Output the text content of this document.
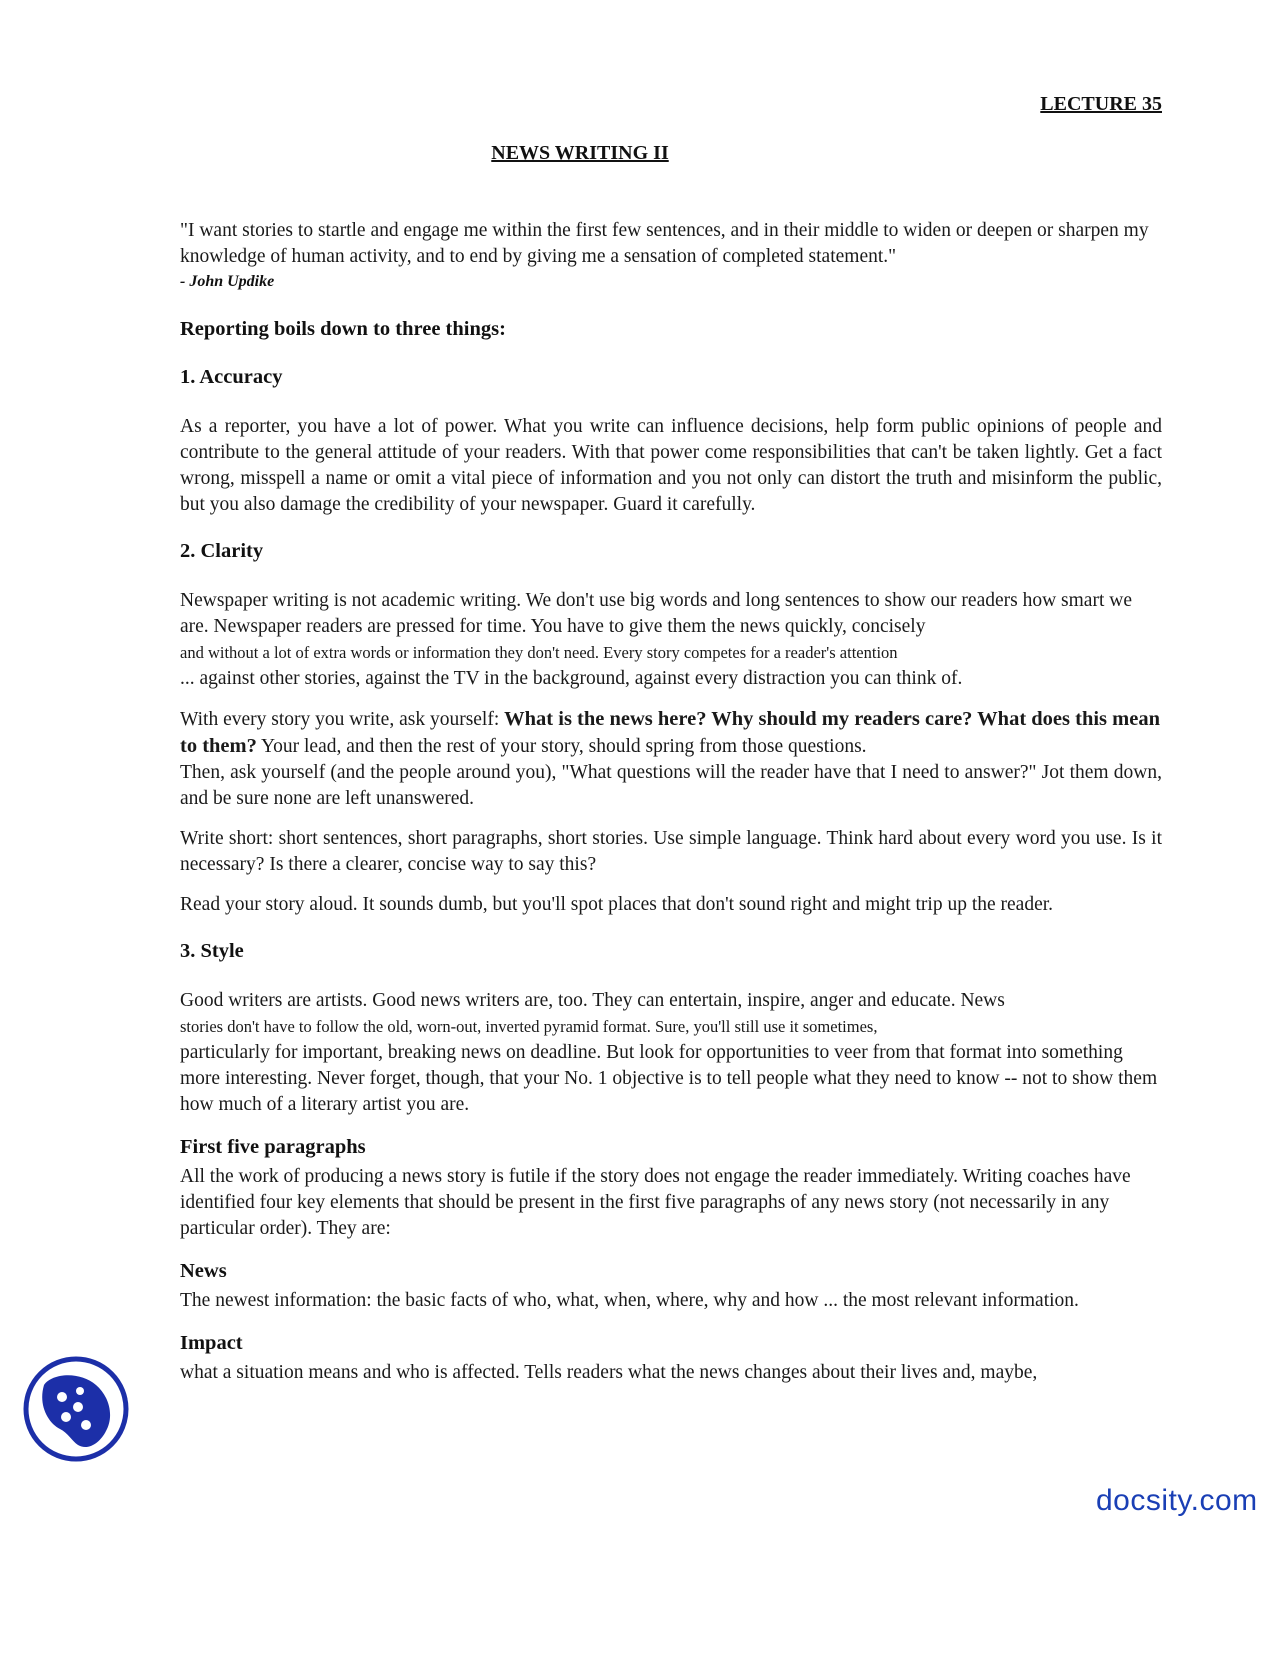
LECTURE 35
NEWS WRITING II

"I want stories to startle and engage me within the first few sentences, and in their middle to widen or deepen or sharpen my knowledge of human activity, and to end by giving me a sensation of completed statement."

- John Updike
Reporting boils down to three things:
1. Accuracy

As a reporter, you have a lot of power. What you write can influence decisions, help form public opinions of people and contribute to the general attitude of your readers. With that power come responsibilities that can't be taken lightly. Get a fact wrong, misspell a name or omit a vital piece of information and you not only can distort the truth and misinform the public, but you also damage the credibility of your newspaper. Guard it carefully.

2. Clarity

Newspaper writing is not academic writing. We don't use big words and long sentences to show our readers how smart we are. Newspaper readers are pressed for time. You have to give them the news quickly, concisely

and without a lot of extra words or information they don't need. Every story competes for a reader's attention

... against other stories, against the TV in the background, against every distraction you can think of.

With every story you write, ask yourself: What is the news here? Why should my readers care? What does this mean to them? Your lead, and then the rest of your story, should spring from those questions.

Then, ask yourself (and the people around you), "What questions will the reader have that I need to answer?" Jot them down, and be sure none are left unanswered.

Write short: short sentences, short paragraphs, short stories. Use simple language. Think hard about every word you use. Is it necessary? Is there a clearer, concise way to say this?

Read your story aloud. It sounds dumb, but you'll spot places that don't sound right and might trip up the reader.

3. Style

Good writers are artists. Good news writers are, too. They can entertain, inspire, anger and educate. News

stories don't have to follow the old, worn-out, inverted pyramid format. Sure, you'll still use it sometimes,

particularly for important, breaking news on deadline. But look for opportunities to veer from that format into something more interesting. Never forget, though, that your No. 1 objective is to tell people what they need to know -- not to show them how much of a literary artist you are.

First five paragraphs

All the work of producing a news story is futile if the story does not engage the reader immediately. Writing coaches have identified four key elements that should be present in the first five paragraphs of any news story (not necessarily in any particular order). They are:

News

The newest information: the basic facts of who, what, when, where, why and how ... the most relevant information.

Impact

what a situation means and who is affected. Tells readers what the news changes about their lives and, maybe,

docsity.com
